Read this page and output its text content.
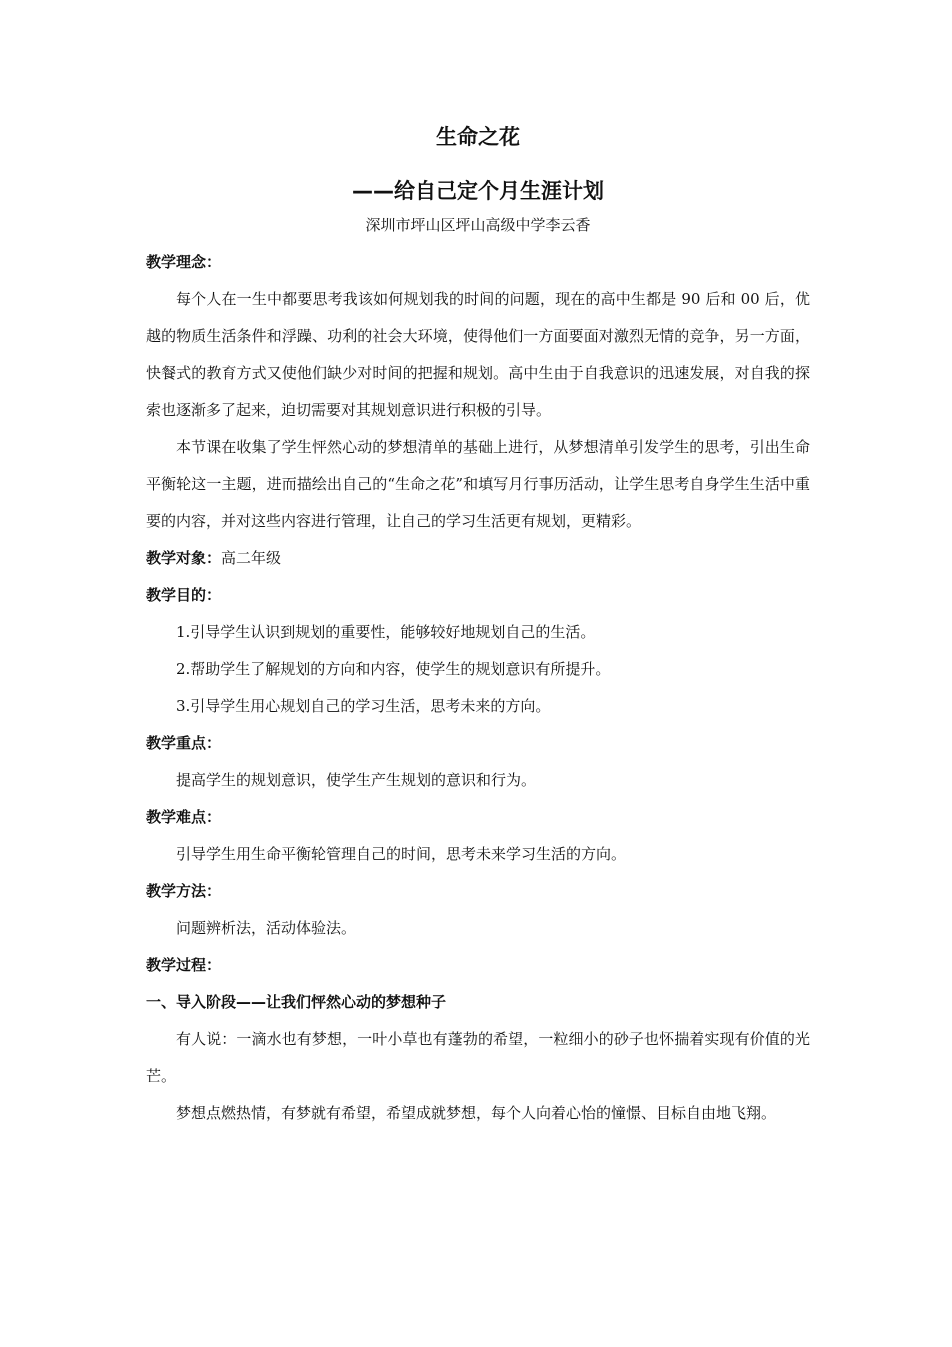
生命之花
——给自己定个月生涯计划
深圳市坪山区坪山高级中学李云香
教学理念：

每个人在一生中都要思考我该如何规划我的时间的问题，现在的高中生都是 90 后和 00 后，优越的物质生活条件和浮躁、功利的社会大环境，使得他们一方面要面对激烈无情的竞争，另一方面，快餐式的教育方式又使他们缺少对时间的把握和规划。高中生由于自我意识的迅速发展，对自我的探索也逐渐多了起来，迫切需要对其规划意识进行积极的引导。

本节课在收集了学生怦然心动的梦想清单的基础上进行，从梦想清单引发学生的思考，引出生命平衡轮这一主题，进而描绘出自己的“生命之花”和填写月行事历活动，让学生思考自身学生生活中重要的内容，并对这些内容进行管理，让自己的学习生活更有规划，更精彩。

教学对象：高二年级
教学目的：

1.引导学生认识到规划的重要性，能够较好地规划自己的生活。

2.帮助学生了解规划的方向和内容，使学生的规划意识有所提升。

3.引导学生用心规划自己的学习生活，思考未来的方向。

教学重点：

提高学生的规划意识，使学生产生规划的意识和行为。

教学难点：

引导学生用生命平衡轮管理自己的时间，思考未来学习生活的方向。

教学方法：

问题辨析法，活动体验法。

教学过程：
一、导入阶段——让我们怦然心动的梦想种子

有人说：一滴水也有梦想，一叶小草也有蓬勃的希望，一粒细小的砂子也怀揣着实现有价值的光芒。

梦想点燃热情，有梦就有希望，希望成就梦想，每个人向着心怡的憧憬、目标自由地飞翔。
